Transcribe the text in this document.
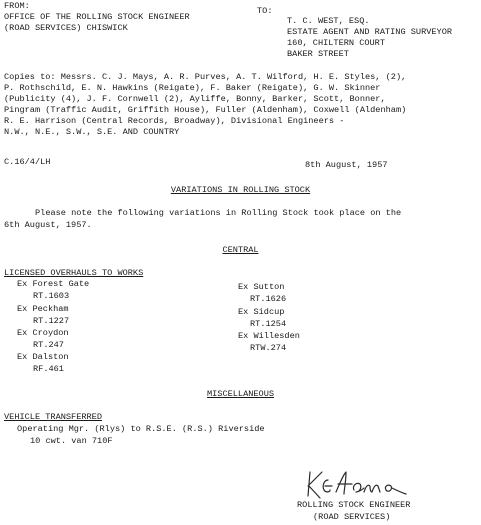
FROM:
OFFICE OF THE ROLLING STOCK ENGINEER
(ROAD SERVICES) CHISWICK
TO:
T. C. WEST, ESQ.
ESTATE AGENT AND RATING SURVEYOR
160, CHILTERN COURT
BAKER STREET
Copies to: Messrs. C. J. Mays, A. R. Purves, A. T. Wilford, H. E. Styles, (2),
P. Rothschild, E. N. Hawkins (Reigate), F. Baker (Reigate), G. W. Skinner
(Publicity (4), J. F. Cornwell (2), Ayliffe, Bonny, Barker, Scott, Bonner,
Pingram (Traffic Audit, Griffith House), Fuller (Aldenham), Coxwell (Aldenham)
R. E. Harrison (Central Records, Broadway), Divisional Engineers -
N.W., N.E., S.W., S.E. AND COUNTRY
C.16/4/LH	8th August, 1957
VARIATIONS IN ROLLING STOCK
Please note the following variations in Rolling Stock took place on the
6th August, 1957.
CENTRAL
LICENSED OVERHAULS TO WORKS
Ex Forest Gate
RT.1603
Ex Peckham
RT.1227
Ex Croydon
RT.247
Ex Dalston
RF.461
Ex Sutton
RT.1626
Ex Sidcup
RT.1254
Ex Willesden
RTW.274
MISCELLANEOUS
VEHICLE TRANSFERRED
Operating Mgr. (Rlys) to R.S.E. (R.S.) Riverside
10 cwt. van 710F
ROLLING STOCK ENGINEER
(ROAD SERVICES)
